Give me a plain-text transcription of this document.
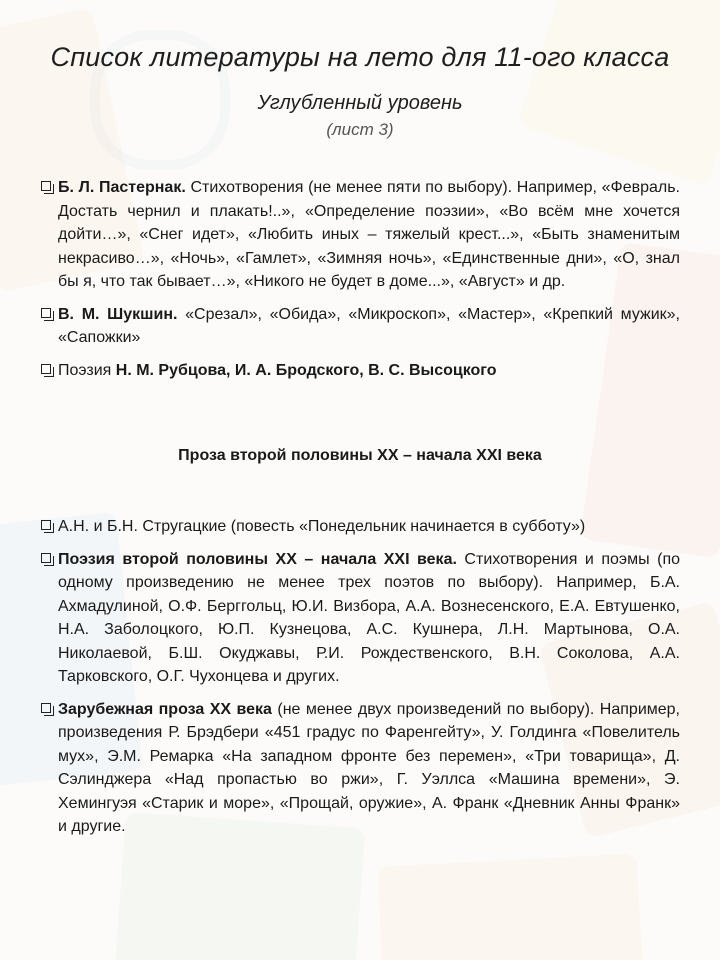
Список литературы на лето для 11-ого класса
Углубленный уровень
(лист 3)
Б. Л. Пастернак. Стихотворения (не менее пяти по выбору). Например, «Февраль. Достать чернил и плакать!..», «Определение поэзии», «Во всём мне хочется дойти…», «Снег идет», «Любить иных – тяжелый крест...», «Быть знаменитым некрасиво…», «Ночь», «Гамлет», «Зимняя ночь», «Единственные дни», «О, знал бы я, что так бывает…», «Никого не будет в доме...», «Август» и др.
В. М. Шукшин. «Срезал», «Обида», «Микроскоп», «Мастер», «Крепкий мужик», «Сапожки»
Поэзия Н. М. Рубцова, И. А. Бродского, В. С. Высоцкого
Проза второй половины XX – начала XXI века
А.Н. и Б.Н. Стругацкие (повесть «Понедельник начинается в субботу»)
Поэзия второй половины XX – начала XXI века. Стихотворения и поэмы (по одному произведению не менее трех поэтов по выбору). Например, Б.А. Ахмадулиной, О.Ф. Берггольц, Ю.И. Визбора, А.А. Вознесенского, Е.А. Евтушенко, Н.А. Заболоцкого, Ю.П. Кузнецова, А.С. Кушнера, Л.Н. Мартынова, О.А. Николаевой, Б.Ш. Окуджавы, Р.И. Рождественского, В.Н. Соколова, А.А. Тарковского, О.Г. Чухонцева и других.
Зарубежная проза XX века (не менее двух произведений по выбору). Например, произведения Р. Брэдбери «451 градус по Фаренгейту», У. Голдинга «Повелитель мух», Э.М. Ремарка «На западном фронте без перемен», «Три товарища», Д. Сэлинджера «Над пропастью во ржи», Г. Уэллса «Машина времени», Э. Хемингуэя «Старик и море», «Прощай, оружие», А. Франк «Дневник Анны Франк» и другие.
